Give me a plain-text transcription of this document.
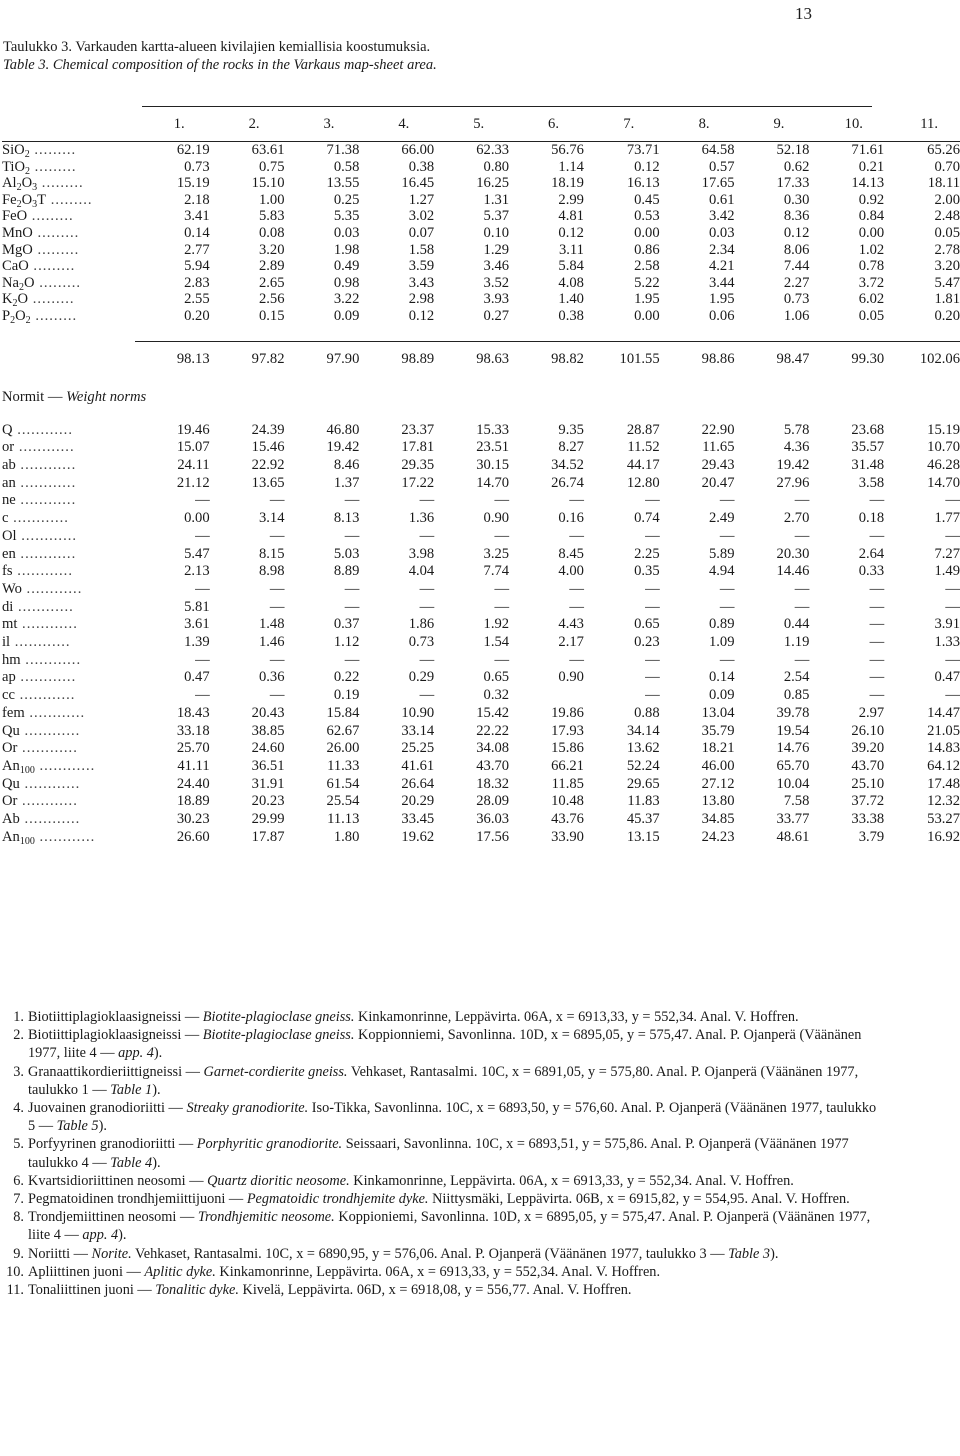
13
Taulukko 3. Varkauden kartta-alueen kivilajien kemiallisia koostumuksia.
Table 3. Chemical composition of the rocks in the Varkaus map-sheet area.
	1.	2.	3.	4.	5.	6.	7.	8.	9.	10.	11.
SiO$_2$ .........	62.19	63.61	71.38	66.00	62.33	56.76	73.71	64.58	52.18	71.61	65.26
TiO$_2$ .........	0.73	0.75	0.58	0.38	0.80	1.14	0.12	0.57	0.62	0.21	0.70
$Al_2O_3$ .........	15.19	15.10	13.55	16.45	16.25	18.19	16.13	17.65	17.33	14.13	18.11
$Fe_2O_3T$ .........	2.18	1.00	0.25	1.27	1.31	2.99	0.45	0.61	0.30	0.92	2.00
FeO .........	3.41	5.83	5.35	3.02	5.37	4.81	0.53	3.42	8.36	0.84	2.48
MnO .........	0.14	0.08	0.03	0.07	0.10	0.12	0.00	0.03	0.12	0.00	0.05
MgO .........	2.77	3.20	1.98	1.58	1.29	3.11	0.86	2.34	8.06	1.02	2.78
CaO .........	5.94	2.89	0.49	3.59	3.46	5.84	2.58	4.21	7.44	0.78	3.20
$Na_2O$ .........	2.83	2.65	0.98	3.43	3.52	4.08	5.22	3.44	2.27	3.72	5.47
$K_2O$ .........	2.55	2.56	3.22	2.98	3.93	1.40	1.95	1.95	0.73	6.02	1.81
$P_2O_2$ .........	0.20	0.15	0.09	0.12	0.27	0.38	0.00	0.06	1.06	0.05	0.20

	98.13	97.82	97.90	98.89	98.63	98.82	101.55	98.86	98.47	99.30	102.06
Normit — Weight norms											
Q ............	19.46	24.39	46.80	23.37	15.33	9.35	28.87	22.90	5.78	23.68	15.19
or ............	15.07	15.46	19.42	17.81	23.51	8.27	11.52	11.65	4.36	35.57	10.70
ab ............	24.11	22.92	8.46	29.35	30.15	34.52	44.17	29.43	19.42	31.48	46.28
an ............	21.12	13.65	1.37	17.22	14.70	26.74	12.80	20.47	27.96	3.58	14.70
ne ............	—	—	—	—	—	—	—	—	—	—	—
c ............	0.00	3.14	8.13	1.36	0.90	0.16	0.74	2.49	2.70	0.18	1.77
Ol ............	—	—	—	—	—	—	—	—	—	—	—
en ............	5.47	8.15	5.03	3.98	3.25	8.45	2.25	5.89	20.30	2.64	7.27
fs ............	2.13	8.98	8.89	4.04	7.74	4.00	0.35	4.94	14.46	0.33	1.49
Wo ............	—	—	—	—	—	—	—	—	—	—	—
di ............	5.81	—	—	—	—	—	—	—	—	—	—
mt ............	3.61	1.48	0.37	1.86	1.92	4.43	0.65	0.89	0.44	—	3.91
il ............	1.39	1.46	1.12	0.73	1.54	2.17	0.23	1.09	1.19	—	1.33
hm ............	—	—	—	—	—	—	—	—	—	—	—
ap ............	0.47	0.36	0.22	0.29	0.65	0.90	—	0.14	2.54	—	0.47
cc ............	—	—	0.19	—	0.32		—	0.09	0.85	—	—
fem ............	18.43	20.43	15.84	10.90	15.42	19.86	0.88	13.04	39.78	2.97	14.47
Qu ............	33.18	38.85	62.67	33.14	22.22	17.93	34.14	35.79	19.54	26.10	21.05
Or ............	25.70	24.60	26.00	25.25	34.08	15.86	13.62	18.21	14.76	39.20	14.83
$An_{100}$ ............	41.11	36.51	11.33	41.61	43.70	66.21	52.24	46.00	65.70	43.70	64.12
Qu ............	24.40	31.91	61.54	26.64	18.32	11.85	29.65	27.12	10.04	25.10	17.48
Or ............	18.89	20.23	25.54	20.29	28.09	10.48	11.83	13.80	7.58	37.72	12.32
Ab ............	30.23	29.99	11.13	33.45	36.03	43.76	45.37	34.85	33.77	33.38	53.27
$An_{100}$ ............	26.60	17.87	1.80	19.62	17.56	33.90	13.15	24.23	48.61	3.79	16.92
1. Biotiittiplagioklaasigneissi — Biotite-plagioclase gneiss. Kinkamonrinne, Leppävirta. 06A, x = 6913,33, y = 552,34. Anal. V. Hoffren.
2. Biotiittiplagioklaasigneissi — Biotite-plagioclase gneiss. Koppionniemi, Savonlinna. 10D, x = 6895,05, y = 575,47. Anal. P. Ojanperä (Väänänen 1977, liite 4 — app. 4).
3. Granaattikordieriittigneissi — Garnet-cordierite gneiss. Vehkaset, Rantasalmi. 10C, x = 6891,05, y = 575,80. Anal. P. Ojanperä (Väänänen 1977, taulukko 1 — Table 1).
4. Juovainen granodioriitti — Streaky granodiorite. Iso-Tikka, Savonlinna. 10C, x = 6893,50, y = 576,60. Anal. P. Ojanperä (Väänänen 1977, taulukko 5 — Table 5).
5. Porfyyrinen granodioriitti — Porphyritic granodiorite. Seissaari, Savonlinna. 10C, x = 6893,51, y = 575,86. Anal. P. Ojanperä (Väänänen 1977 taulukko 4 — Table 4).
6. Kvartsidioriittinen neosomi — Quartz dioritic neosome. Kinkamonrinne, Leppävirta. 06A, x = 6913,33, y = 552,34. Anal. V. Hoffren.
7. Pegmatoidinen trondhjemiittijuoni — Pegmatoidic trondhjemite dyke. Niittysmäki, Leppävirta. 06B, x = 6915,82, y = 554,95. Anal. V. Hoffren.
8. Trondjemiittinen neosomi — Trondhjemitic neosome. Koppioniemi, Savonlinna. 10D, x = 6895,05, y = 575,47. Anal. P. Ojanperä (Väänänen 1977, liite 4 — app. 4).
9. Noriitti — Norite. Vehkaset, Rantasalmi. 10C, x = 6890,95, y = 576,06. Anal. P. Ojanperä (Väänänen 1977, taulukko 3 — Table 3).
10. Apliittinen juoni — Aplitic dyke. Kinkamonrinne, Leppävirta. 06A, x = 6913,33, y = 552,34. Anal. V. Hoffren.
11. Tonaliittinen juoni — Tonalitic dyke. Kivelä, Leppävirta. 06D, x = 6918,08, y = 556,77. Anal. V. Hoffren.
